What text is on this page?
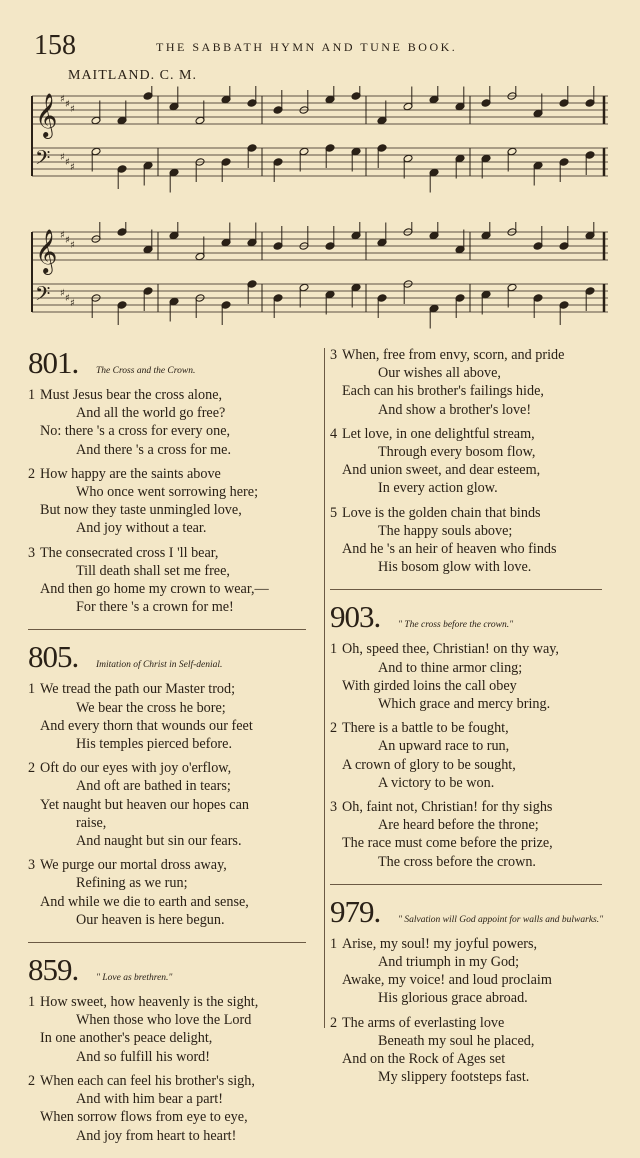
158	THE SABBATH HYMN AND TUNE BOOK.
MAITLAND. C. M.
𝄞 ♯ ♯ ♯
𝄢 ♯ ♯ ♯
𝄞 ♯ ♯ ♯
𝄢 ♯ ♯ ♯
801.	The Cross and the Crown.
1 Must Jesus bear the cross alone,
And all the world go free?
No: there 's a cross for every one,
And there 's a cross for me.
2 How happy are the saints above
Who once went sorrowing here;
But now they taste unmingled love,
And joy without a tear.
3 The consecrated cross I 'll bear,
Till death shall set me free,
And then go home my crown to wear,—
For there 's a crown for me!
805.	Imitation of Christ in Self-denial.
1 We tread the path our Master trod;
We bear the cross he bore;
And every thorn that wounds our feet
His temples pierced before.
2 Oft do our eyes with joy o'erflow,
And oft are bathed in tears;
Yet naught but heaven our hopes can
raise,
And naught but sin our fears.
3 We purge our mortal dross away,
Refining as we run;
And while we die to earth and sense,
Our heaven is here begun.
859.	" Love as brethren."
1 How sweet, how heavenly is the sight,
When those who love the Lord
In one another's peace delight,
And so fulfill his word!
2 When each can feel his brother's sigh,
And with him bear a part!
When sorrow flows from eye to eye,
And joy from heart to heart!
3 When, free from envy, scorn, and pride
Our wishes all above,
Each can his brother's failings hide,
And show a brother's love!
4 Let love, in one delightful stream,
Through every bosom flow,
And union sweet, and dear esteem,
In every action glow.
5 Love is the golden chain that binds
The happy souls above;
And he 's an heir of heaven who finds
His bosom glow with love.
903.	" The cross before the crown."
1 Oh, speed thee, Christian! on thy way,
And to thine armor cling;
With girded loins the call obey
Which grace and mercy bring.
2 There is a battle to be fought,
An upward race to run,
A crown of glory to be sought,
A victory to be won.
3 Oh, faint not, Christian! for thy sighs
Are heard before the throne;
The race must come before the prize,
The cross before the crown.
979.	" Salvation will God appoint for walls and bulwarks."
1 Arise, my soul! my joyful powers,
And triumph in my God;
Awake, my voice! and loud proclaim
His glorious grace abroad.
2 The arms of everlasting love
Beneath my soul he placed,
And on the Rock of Ages set
My slippery footsteps fast.
